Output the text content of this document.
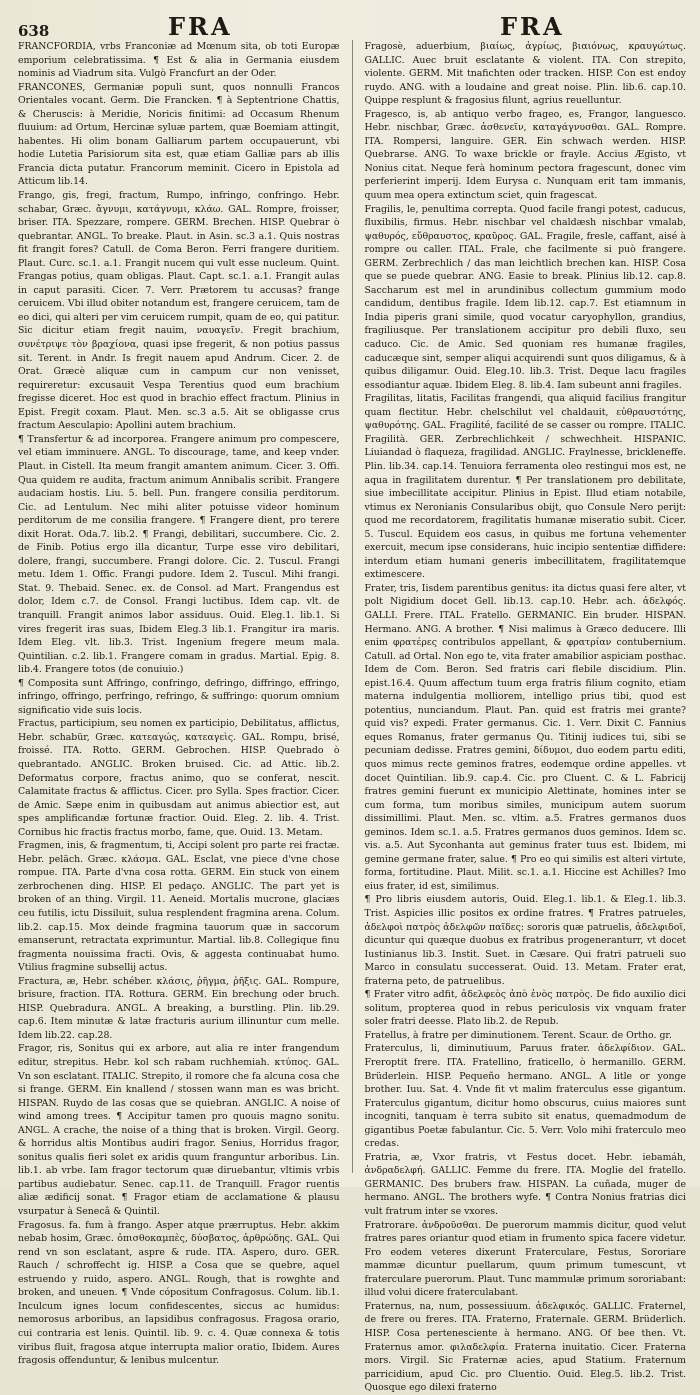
638	FRA	FRA

FRANCFORDIA, vrbs Franconiæ ad Mœnum sita, ob toti Europæ emporium celebratissima. ¶ Est & alia in Germania eiusdem nominis ad Viadrum sita. Vulgò Francfurt an der Oder.

FRANCONES, Germaniæ populi sunt, quos nonnulli Francos Orientales vocant. Germ. Die Francken. ¶ à Septentrione Chattis, & Cheruscis: à Meridie, Noricis finitimi: ad Occasum Rhenum fluuium: ad Ortum, Hercinæ syluæ partem, quæ Boemiam attingit, habentes. Hi olim bonam Galliarum partem occupauerunt, vbi hodie Lutetia Parisiorum sita est, quæ etiam Galliæ pars ab illis Francia dicta putatur. Francorum meminit. Cicero in Epistola ad Atticum lib.14.

Frango, gis, fregi, fractum, Rumpo, infringo, confringo. Hebr. schabar, Græc. ἄγνυμι, κατάγνυμι, κλάω. GAL. Rompre, froisser, briser. ITA. Spezzare, rompere. GERM. Brechen. HISP. Quebrar ò quebrantar. ANGL. To breake. Plaut. in Asin. sc.3 a.1. Quis nostras fit frangit fores? Catull. de Coma Beron. Ferri frangere duritiem. Plaut. Curc. sc.1. a.1. Frangit nucem qui vult esse nucleum. Quint. Frangas potius, quam obligas. Plaut. Capt. sc.1. a.1. Frangit aulas in caput parasiti. Cicer. 7. Verr. Prætorem tu accusas? frange ceruicem. Vbi illud obiter notandum est, frangere ceruicem, tam de eo dici, qui alteri per vim ceruicem rumpit, quam de eo, qui patitur. Sic dicitur etiam fregit nauim, ναυαγεῖν. Fregit brachium, συνέτριψε τὸν βραχίονα, quasi ipse fregerit, & non potius passus sit. Terent. in Andr. Is fregit nauem apud Andrum. Cicer. 2. de Orat. Græcè aliquæ cum in campum cur non venisset, requireretur: excusauit Vespa Terentius quod eum brachium fregisse diceret. Hoc est quod in brachio effect fractum. Plinius in Epist. Fregit coxam. Plaut. Men. sc.3 a.5. Ait se obligasse crus fractum Aesculapio: Apollini autem brachium.

¶ Transfertur & ad incorporea. Frangere animum pro compescere, vel etiam imminuere. ANGL. To discourage, tame, and keep vnder. Plaut. in Cistell. Ita meum frangit amantem animum. Cicer. 3. Offi. Qua quidem re audita, fractum animum Annibalis scribit. Frangere audaciam hostis. Liu. 5. bell. Pun. frangere consilia perditorum. Cic. ad Lentulum. Nec mihi aliter potuisse videor hominum perditorum de me consilia frangere. ¶ Frangere dient, pro terere dixit Horat. Oda.7. lib.2. ¶ Frangi, debilitari, succumbere. Cic. 2. de Finib. Potius ergo illa dicantur, Turpe esse viro debilitari, dolere, frangi, succumbere. Frangi dolore. Cic. 2. Tuscul. Frangi metu. Idem 1. Offic. Frangi pudore. Idem 2. Tuscul. Mihi frangi. Stat. 9. Thebaid. Senec. ex. de Consol. ad Mart. Frangendus est dolor, Idem c.7. de Consol. Frangi luctibus. Idem cap. vlt. de tranquill. Frangit animos labor assiduus. Ouid. Eleg.1. lib.1. Si vires fregerit iras suas, Ibidem Eleg.3 lib.1. Frangitur ira maris. Idem Eleg. vlt. lib.3. Trist. Ingenium fregere meum mala. Quintilian. c.2. lib.1. Frangere comam in gradus. Martial. Epig. 8. lib.4. Frangere totos (de conuiuio.)

¶ Composita sunt Affringo, confringo, defringo, diffringo, effringo, infringo, offringo, perfringo, refringo, & suffringo: quorum omnium significatio vide suis locis.

Fractus, participium, seu nomen ex participio, Debilitatus, afflictus, Hebr. schabür, Græc. κατεαγώς, κατεαγεὶς. GAL. Rompu, brisé, froissé. ITA. Rotto. GERM. Gebrochen. HISP. Quebrado ò quebrantado. ANGLIC. Broken bruised. Cic. ad Attic. lib.2. Deformatus corpore, fractus animo, quo se conferat, nescit. Calamitate fractus & afflictus. Cicer. pro Sylla. Spes fractior. Cicer. de Amic. Sæpe enim in quibusdam aut animus abiectior est, aut spes amplificandæ fortunæ fractior. Ouid. Eleg. 2. lib. 4. Trist. Cornibus hic fractis fractus morbo, fame, que. Ouid. 13. Metam.

Fragmen, inis, & fragmentum, ti, Accipi solent pro parte rei fractæ. Hebr. peläch. Græc. κλάσμα. GAL. Esclat, vne piece d'vne chose rompue. ITA. Parte d'vna cosa rotta. GERM. Ein stuck von einem zerbrochenen ding. HISP. El pedaço. ANGLIC. The part yet is broken of an thing. Virgil. 11. Aeneid. Mortalis mucrone, glaciæs ceu futilis, ictu Dissiluit, sulua resplendent fragmina arena. Colum. lib.2. cap.15. Mox deinde fragmina tauorum quæ in saccorum emanserunt, retractata exprimuntur. Martial. lib.8. Collegique finu fragmenta nouissima fracti. Ovis, & aggesta continuabat humo. Vtilius fragmine subsellij actus.

Fractura, æ, Hebr. schéber. κλάσις, ῥῆγμα, ῥῆξις. GAL. Rompure, brisure, fraction. ITA. Rottura. GERM. Ein brechung oder bruch. HISP. Quebradura. ANGL. A breaking, a burstling. Plin. lib.29. cap.6. Item minutæ & latæ fracturis aurium illinuntur cum melle. Idem lib.22. cap.28.

Fragor, ris, Sonitus qui ex arbore, aut alia re inter frangendum editur, strepitus. Hebr. kol sch rabam ruchhemiah. κτύπος. GAL. Vn son esclatant. ITALIC. Strepito, il romore che fa alcuna cosa che si frange. GERM. Ein knallend / stossen wann man es was bricht. HISPAN. Ruydo de las cosas que se quiebran. ANGLIC. A noise of wind among trees. ¶ Accipitur tamen pro quouis magno sonitu. ANGL. A crache, the noise of a thing that is broken. Virgil. Georg. & horridus altis Montibus audiri fragor. Senius, Horridus fragor, sonitus qualis fieri solet ex aridis quum franguntur arboribus. Lin. lib.1. ab vrbe. Iam fragor tectorum quæ diruebantur, vltimis vrbis partibus audiebatur. Senec. cap.11. de Tranquill. Fragor ruentis aliæ ædificij sonat. ¶ Fragor etiam de acclamatione & plausu vsurpatur à Senecâ & Quintil.

Fragosus. fa. fum à frango. Asper atque prærruptus. Hebr. akkim nebab hosim, Græc. ὀπισθοκαμπὲς, δύσβατος, ἀρθρώδης. GAL. Qui rend vn son esclatant, aspre & rude. ITA. Aspero, duro. GER. Rauch / schroffecht ig. HISP. a Cosa que se quebre, aquel estruendo y ruido, aspero. ANGL. Rough, that is rowghte and broken, and uneuen. ¶ Vnde cópositum Confragosus. Colum. lib.1. Inculcum ignes locum confidescentes, siccus ac humidus: nemorosus arboribus, an lapsidibus confragosus. Fragosa orario, cui contraria est lenis. Quintil. lib. 9. c. 4. Quæ connexa & totis viribus fluit, fragosa atque interrupta malior oratio, Ibidem. Aures fragosis offenduntur, & lenibus mulcentur.

Fragosè, aduerbium, βιαίως, ἀγρίως, βιαιόνως, κραυγώτως. GALLIC. Auec bruit esclatante & violent. ITA. Con strepito, violente. GERM. Mit tnafichten oder tracken. HISP. Con est endoy ruydo. ANG. with a loudaine and great noise. Plin. lib.6. cap.10. Quippe resplunt & fragosius filunt, agrius reuelluntur.

Fragesco, is, ab antiquo verbo frageo, es, Frangor, languesco. Hebr. nischbar, Græc. ἀσθενεῖν, καταγάγνυσθαι. GAL. Rompre. ITA. Rompersi, languire. GER. Ein schwach werden. HISP. Quebrarse. ANG. To waxe brickle or frayle. Accius Ægisto, vt Nonius citat. Neque ferà hominum pectora fragescunt, donec vim perferierint imperij. Idem Eurysa c. Nunquam erit tam immanis, quum mea opera extinctum sciet, quin fragescat.

Fragilis, le, penultima correpta. Quod facile frangi potest, caducus, fluxibilis, firmus. Hebr. nischbar vel chaldæsh nischbar vmalab, ψαθυρός, εὔθραυστος, κραῦρος. GAL. Fragile, fresle, caffant, aisé à rompre ou caller. ITAL. Frale, che facilmente si può frangere. GERM. Zerbrechlich / das man leichtlich brechen kan. HISP. Cosa que se puede quebrar. ANG. Easie to break. Plinius lib.12. cap.8. Saccharum est mel in arundinibus collectum gummium modo candidum, dentibus fragile. Idem lib.12. cap.7. Est etiamnum in India piperis grani simile, quod vocatur caryophyllon, grandius, fragiliusque. Per translationem accipitur pro debili fluxo, seu caduco. Cic. de Amic. Sed quoniam res humanæ fragiles, caducæque sint, semper aliqui acquirendi sunt quos diligamus, & à quibus diligamur. Ouid. Eleg.10. lib.3. Trist. Deque lacu fragiles essodiantur aquæ. Ibidem Eleg. 8. lib.4. Iam subeunt anni fragiles.

Fragilitas, litatis, Facilitas frangendi, qua aliquid facilius frangitur quam flectitur. Hebr. chelschilut vel chaldauit, εὐθραυστότης, ψαθυρότης. GAL. Fragilité, facilité de se casser ou rompre. ITALIC. Fragilità. GER. Zerbrechlichkeit / schwechheit. HISPANIC. Liuiandad ò flaqueza, fragilidad. ANGLIC. Fraylnesse, brickleneffe. Plin. lib.34. cap.14. Tenuiora ferramenta oleo restingui mos est, ne aqua in fragilitatem durentur. ¶ Per translationem pro debilitate, siue imbecillitate accipitur. Plinius in Epist. Illud etiam notabile, vtimus ex Neronianis Consularibus obijt, quo Consule Nero perijt: quod me recordatorem, fragilitatis humanæ miseratio subit. Cicer. 5. Tuscul. Equidem eos casus, in quibus me fortuna vehementer exercuit, mecum ipse considerans, huic incipio sententiæ diffidere: interdum etiam humani generis imbecillitatem, fragilitatemque extimescere.

Frater, tris, Iisdem parentibus genitus: ita dictus quasi fere alter, vt polt Nigidium docet Gell. lib.13. cap.10. Hebr. ach. ἀδελφός. GALLI. Frere. ITAL. Fratello. GERMANIC. Ein bruder. HISPAN. Hermano. ANG. A brother. ¶ Nisi malimus à Græco deducere. Illi enim φρατέρες contribulos appellant, & φρατρίαν contubernium. Catull. ad Ortal. Non ego te, vita frater amabilior aspiciam posthac. Idem de Com. Beron. Sed fratris cari flebile discidium. Plin. epist.16.4. Quum affectum tuum erga fratris filium cognito, etiam materna indulgentia molliorem, intelligo prius tibi, quod est potentius, nunciandum. Plaut. Pan. quid est fratris mei grante? quid vis? expedi. Frater germanus. Cic. 1. Verr. Dixit C. Fannius eques Romanus, frater germanus Qu. Titinij iudices tui, sibi se pecuniam dedisse. Fratres gemini, δίδυμοι, duo eodem partu editi, quos mimus recte geminos fratres, eodemque ordine appelles. vt docet Quintilian. lib.9. cap.4. Cic. pro Cluent. C. & L. Fabricij fratres gemini fuerunt ex municipio Alettinate, homines inter se cum forma, tum moribus similes, municipum autem suorum dissimillimi. Plaut. Men. sc. vltim. a.5. Fratres germanos duos geminos. Idem sc.1. a.5. Fratres germanos duos geminos. Idem sc. vis. a.5. Aut Syconhanta aut geminus frater tuus est. Ibidem, mi gemine germane frater, salue. ¶ Pro eo qui similis est alteri virtute, forma, fortitudine. Plaut. Milit. sc.1. a.1. Hiccine est Achilles? Imo eius frater, id est, similimus.

¶ Pro libris eiusdem autoris, Ouid. Eleg.1. lib.1. & Eleg.1. lib.3. Trist. Aspicies illic positos ex ordine fratres. ¶ Fratres patrueles, ἀδελφοὶ πατρὸς ἀδελφῶν παῖδες: sororis quæ patruelis, ἀδελφιδοῖ, dicuntur qui quæque duobus ex fratribus progeneranturr, vt docet Iustinianus lib.3. Instit. Suet. in Cæsare. Qui fratri patrueli suo Marco in consulatu successerat. Ouid. 13. Metam. Frater erat, fraterna peto, de patruelibus.

¶ Frater vitro adfit, ἀδελφεὸς ἀπὸ ἑνὸς πατρὸς. De fido auxilio dici solitum, propterea quod in rebus periculosis vix vnquam frater soler fratri deesse. Plato lib.2. de Repub.

Fratellus, à fratre per diminutionem. Terent. Scaur. de Ortho. gr.

Fraterculus, li, diminutiuum, Paruus frater. ἀδελφίδιον. GAL. Freroptit frere. ITA. Fratellino, fraticello, ò hermanillo. GERM. Brüderlein. HISP. Pequeño hermano. ANGL. A litle or yonge brother. Iuu. Sat. 4. Vnde fit vt malim fraterculus esse gigantum. Fraterculus gigantum, dicitur homo obscurus, cuius maiores sunt incogniti, tanquam è terra subito sit enatus, quemadmodum de gigantibus Poetæ fabulantur. Cic. 5. Verr. Volo mihi fraterculo meo credas.

Fratria, æ, Vxor fratris, vt Festus docet. Hebr. iebamáh, ἀνδραδελφή. GALLIC. Femme du frere. ITA. Moglie del fratello. GERMANIC. Des brubers fraw. HISPAN. La cuñada, muger de hermano. ANGL. The brothers wyfe. ¶ Contra Nonius fratrias dici vult fratrum inter se vxores.

Fratrorare. ἀνδροῦσθαι. De puerorum mammis dicitur, quod velut fratres pares oriantur quod etiam in frumento spica facere videtur. Fro eodem veteres dixerunt Fraterculare, Festus, Sororiare mammæ dicuntur puellarum, quum primum tumescunt, vt fraterculare puerorum. Plaut. Tunc mammulæ primum sororiabant: illud volui dicere fraterculabant.

Fraternus, na, num, possessiuum. ἀδελφικός. GALLIC. Fraternel, de frere ou freres. ITA. Fraterno, Fraternale. GERM. Brüderlich. HISP. Cosa pertenesciente à hermano. ANG. Of bee then. Vt. Fraternus amor. φιλαδελφία. Fraterna inuitatio. Cicer. Fraterna mors. Virgil. Sic Fraternæ acies, apud Statium. Fraternum parricidium, apud Cic. pro Cluentio. Ouid. Eleg.5. lib.2. Trist. Quosque ego dilexi fraterno
